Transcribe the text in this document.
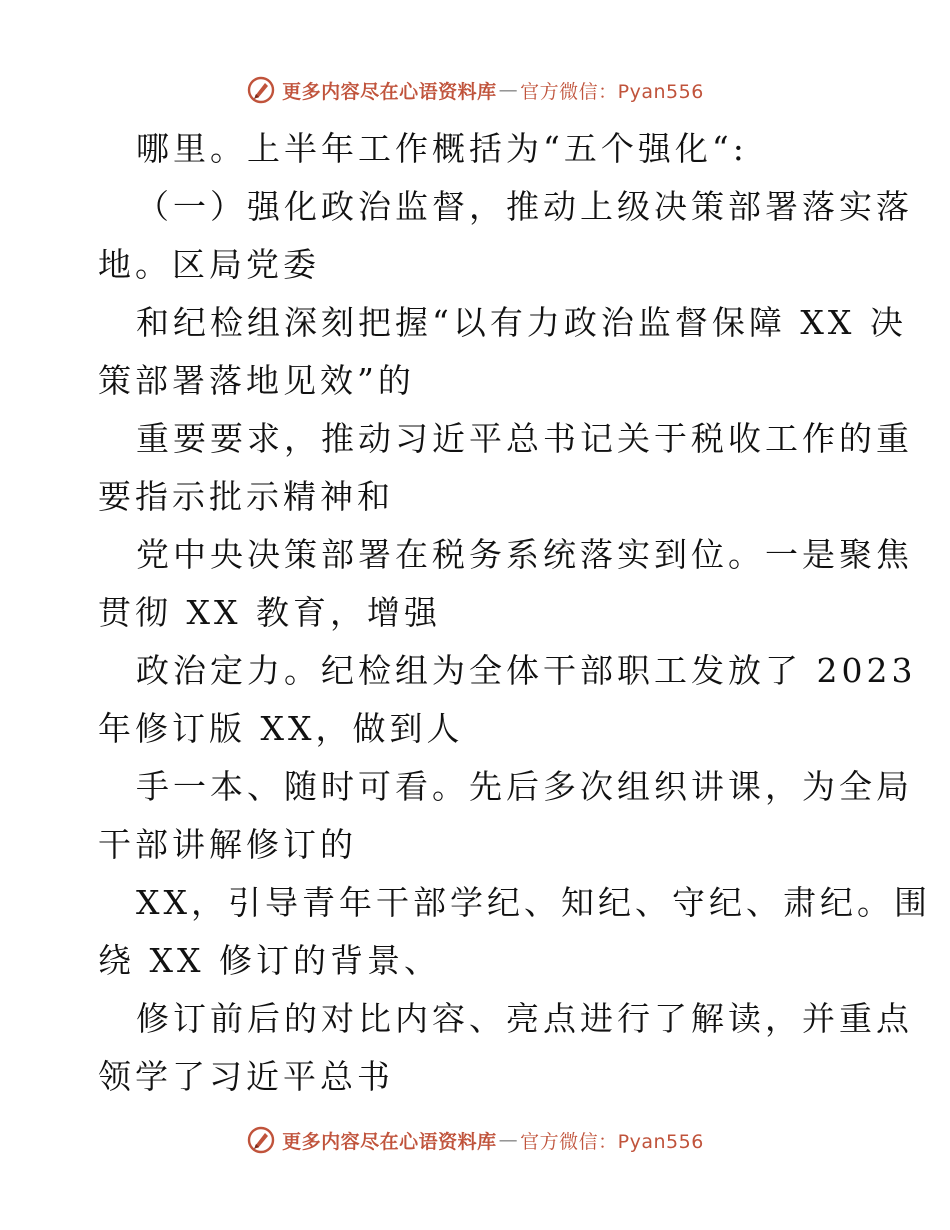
更多内容尽在心语资料库 — 官方微信：Pyan556
哪里。上半年工作概括为“五个强化“:
（一）强化政治监督，推动上级决策部署落实落
地。区局党委
和纪检组深刻把握“以有力政治监督保障 XX 决
策部署落地见效”的
重要要求，推动习近平总书记关于税收工作的重
要指示批示精神和
党中央决策部署在税务系统落实到位。一是聚焦
贯彻 XX 教育，增强
政治定力。纪检组为全体干部职工发放了 2023
年修订版 XX，做到人
手一本、随时可看。先后多次组织讲课，为全局
干部讲解修订的
XX，引导青年干部学纪、知纪、守纪、肃纪。围
绕 XX 修订的背景、
修订前后的对比内容、亮点进行了解读，并重点
领学了习近平总书
更多内容尽在心语资料库 — 官方微信：Pyan556
